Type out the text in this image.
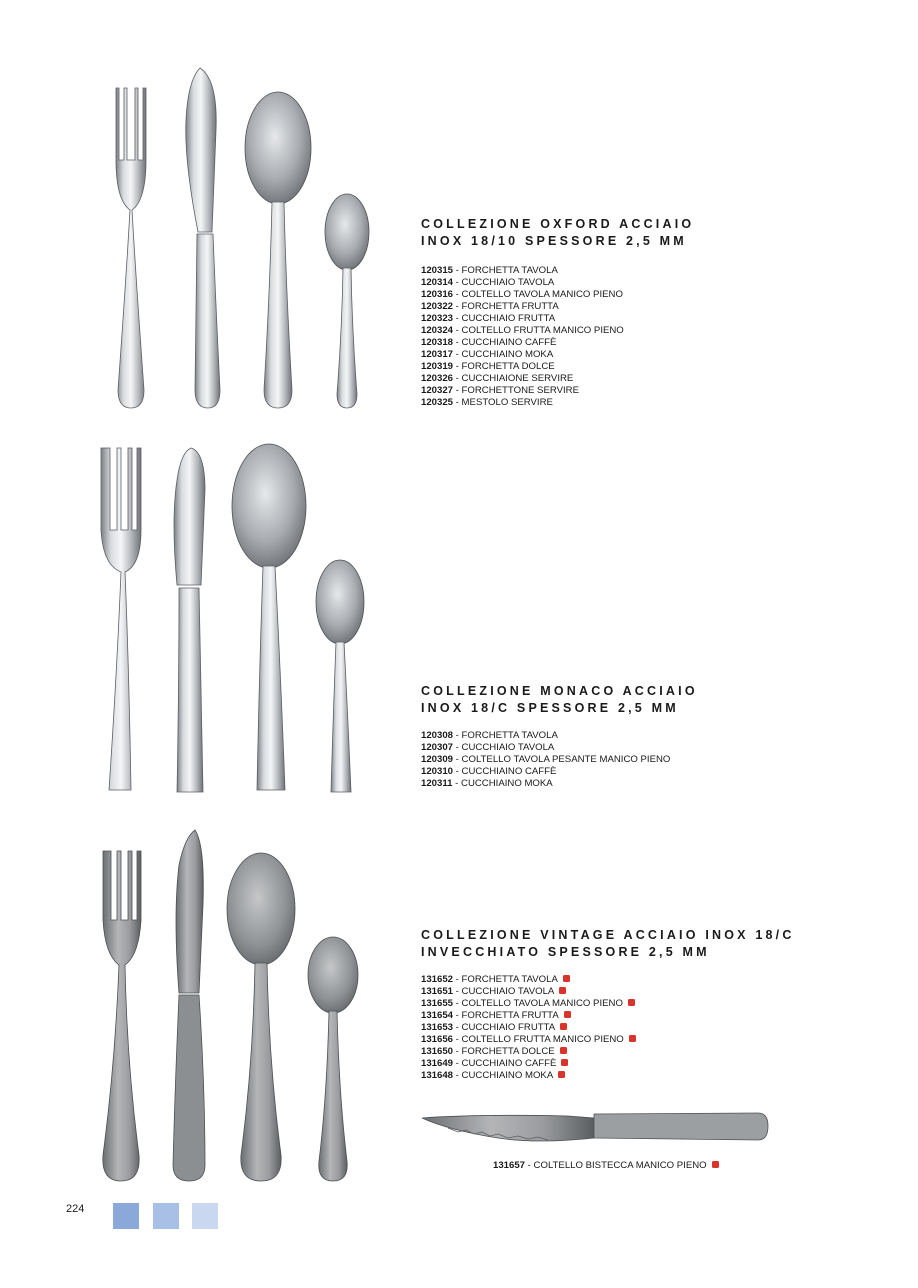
COLLEZIONE OXFORD ACCIAIO
INOX 18/10 SPESSORE 2,5 MM
120315 - FORCHETTA TAVOLA
120314 - CUCCHIAIO TAVOLA
120316 - COLTELLO TAVOLA MANICO PIENO
120322 - FORCHETTA FRUTTA
120323 - CUCCHIAIO FRUTTA
120324 - COLTELLO FRUTTA MANICO PIENO
120318 - CUCCHIAINO CAFFÈ
120317 - CUCCHIAINO MOKA
120319 - FORCHETTA DOLCE
120326 - CUCCHIAIONE SERVIRE
120327 - FORCHETTONE SERVIRE
120325 - MESTOLO SERVIRE
COLLEZIONE MONACO ACCIAIO
INOX 18/C SPESSORE 2,5 MM
120308 - FORCHETTA TAVOLA
120307 - CUCCHIAIO TAVOLA
120309 - COLTELLO TAVOLA PESANTE MANICO PIENO
120310 - CUCCHIAINO CAFFÈ
120311 - CUCCHIAINO MOKA
COLLEZIONE VINTAGE ACCIAIO INOX 18/C
INVECCHIATO SPESSORE 2,5 MM
131652 - FORCHETTA TAVOLA
131651 - CUCCHIAIO TAVOLA
131655 - COLTELLO TAVOLA MANICO PIENO
131654 - FORCHETTA FRUTTA
131653 - CUCCHIAIO FRUTTA
131656 - COLTELLO FRUTTA MANICO PIENO
131650 - FORCHETTA DOLCE
131649 - CUCCHIAINO CAFFÈ
131648 - CUCCHIAINO MOKA
131657 - COLTELLO BISTECCA MANICO PIENO
224
